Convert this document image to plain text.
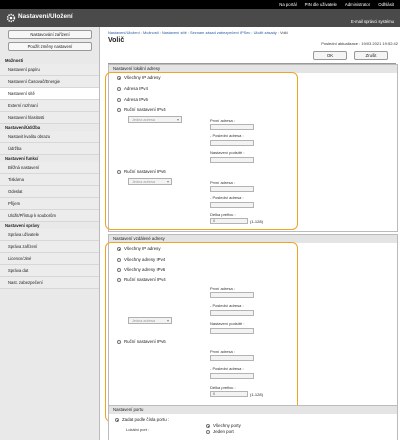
Na portál PIN dle uživatele Administrator Odhlásit
Nastavení/Uložení
E-mail správci systému
Nastavování zařízení
Použít změny nastavení
Možnosti
Nastavení papíru
Nastavení Časovač/Energie
Nastavení sítě
Externí rozhraní
Nastavení hlasitosti
Nastavení/Údržba
Nastavit kvalitu obrazu
Údržba
Nastavení funkcí
Běžná nastavení
Tiskárna
Odeslat
Příjem
Uložit/Přístup k souborům
Nastavení správy
Správa uživatele
Správa zařízení
Licence/Jiné
Správa dat
Nast. zabezpečení
Nastavení/Uložení : Možnosti : Nastavení sítě : Seznam zásad zabezpečení IPSec : Uložit zásady : Volič
Volič	Poslední aktualizace : 19/03 2021 19:52:42
OK	Zrušit
Nastavení lokální adresy
Všechny IP adresy
Adresa IPv4
Adresa IPv6
Ruční nastavení IPv4
Jedna adresa ▾	První adresa :
- Poslední adresa :
Nastavení podsítě :
Ruční nastavení IPv6
Jedna adresa ▾	První adresa :
- Poslední adresa :
Délka prefixu :
0	(1-128)
Nastavení vzdálené adresy
Všechny IP adresy
Všechny adresy IPv4
Všechny adresy IPv6
Ruční nastavení IPv4
Jedna adresa ▾
První adresa :
- Poslední adresa :
Nastavení podsítě :
Ruční nastavení IPv6
První adresa :
- Poslední adresa :
Délka prefixu :
0	(1-128)
Nastavení portu
Zadat podle čísla portu :
Lokální port :
Všechny porty
Jeden port
